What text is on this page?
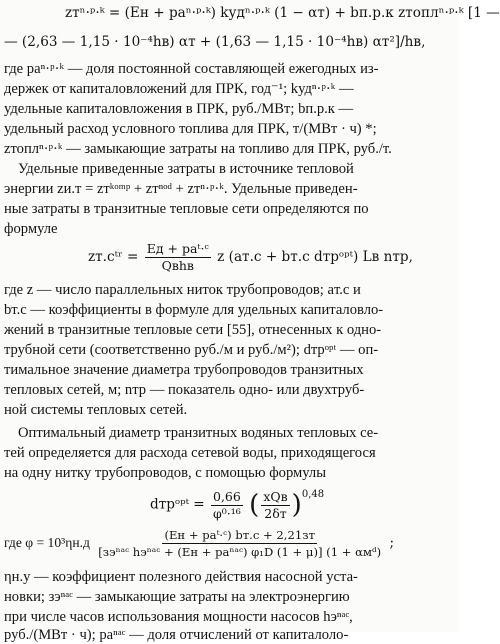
zтⁿ·ᵖ·ᵏ = (Eн + pаⁿ·ᵖ·ᵏ) kудⁿ·ᵖ·ᵏ (1 − αт) + bп.р.к zтоплⁿ·ᵖ·ᵏ [1 —
— (2,63 — 1,15 · 10⁻⁴hв) αт + (1,63 — 1,15 · 10⁻⁴hв) αт²]/hв,
где pаⁿ·ᵖ·ᵏ — доля постоянной составляющей ежегодных из-
держек от капиталовложений для ПРК, год⁻¹; kудⁿ·ᵖ·ᵏ —
удельные капиталовложения в ПРК, руб./МВт; bп.р.к —
удельный расход условного топлива для ПРК, т/(МВт · ч) *;
zтоплⁿ·ᵖ·ᵏ — замыкающие затраты на топливо для ПРК, руб./т.
Удельные приведенные затраты в источнике тепловой
энергии zи.т = zтᵏᵒᵐᵖ + zтⁿᵒᵈ + zтⁿ·ᵖ·ᵏ. Удельные приведен-
ные затраты в транзитные тепловые сети определяются по
формуле
zт.сᵗʳ = $\frac{\text{Eд + pаᵗ·ᶜ}}{\text{Qвhв}}$ z (aт.с + bт.с dтрᵒᵖᵗ) Lв nтр,
где z — число параллельных ниток трубопроводов; aт.с и
bт.с — коэффициенты в формуле для удельных капиталовло-
жений в транзитные тепловые сети [55], отнесенных к одно-
трубной сети (соответственно руб./м и руб./м²); dтрᵒᵖᵗ — оп-
тимальное значение диаметра трубопроводов транзитных
тепловых сетей, м; nтр — показатель одно- или двухтруб-
ной системы тепловых сетей.
Оптимальный диаметр транзитных водяных тепловых се-
тей определяется для расхода сетевой воды, приходящегося
на одну нитку трубопроводов, с помощью формулы
dтрᵒᵖᵗ = $\frac{0,66}{\text{φ⁰·¹⁶}}$ ( $\frac{\text{xQв}}{2\delta т} )^{0,48}$
где $\varphi = 10^3\eta н.д \frac{\text{(Eн + pаᵗ·ᶜ) bт.с + 2,21зт}}{\text{[зэⁿᵃᶜ hэⁿᵃᶜ + (Eн + pаⁿᵃᶜ) φ₁D (1 + μ)] (1 + αмᵈ)}}$ ;
ηн.у — коэффициент полезного действия насосной уста-
новки; зэⁿᵃᶜ — замыкающие затраты на электроэнергию
при числе часов использования мощности насосов hэⁿᵃᶜ,
руб./(МВт · ч); pаⁿᵃᶜ — доля отчислений от капиталоло-
